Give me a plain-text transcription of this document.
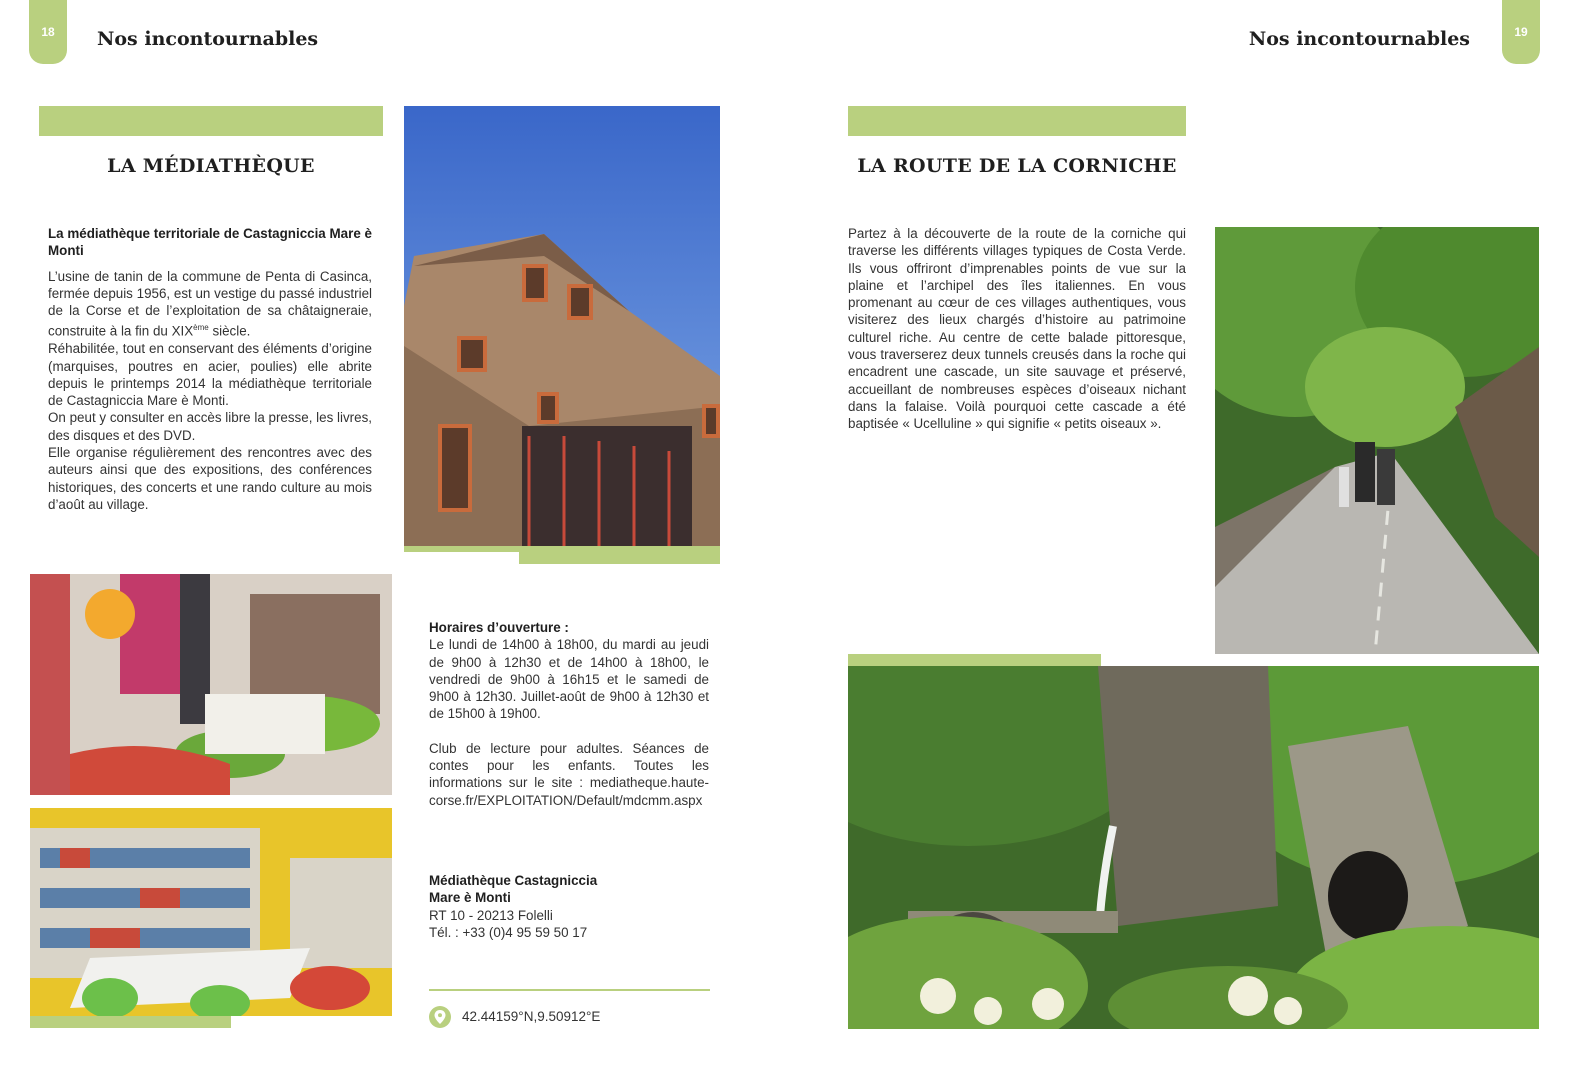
18 Nos incontournables
LA MÉDIATHÈQUE

La médiathèque territoriale de Castagniccia Mare è Monti

L’usine de tanin de la commune de Penta di Casinca, fermée depuis 1956, est un vestige du passé industriel de la Corse et de l’exploitation de sa châtaigneraie, construite à la fin du XIXème siècle.

Réhabilitée, tout en conservant des éléments d’origine (marquises, poutres en acier, poulies) elle abrite depuis le printemps 2014 la médiathèque territoriale de Castagniccia Mare è Monti.

On peut y consulter en accès libre la presse, les livres, des disques et des DVD.

Elle organise régulièrement des rencontres avec des auteurs ainsi que des expositions, des conférences historiques, des concerts et une rando culture au mois d’août au village.

Horaires d’ouverture :

Le lundi de 14h00 à 18h00, du mardi au jeudi de 9h00 à 12h30 et de 14h00 à 18h00, le vendredi de 9h00 à 16h15 et le samedi de 9h00 à 12h30. Juillet-août de 9h00 à 12h30 et de 15h00 à 19h00.

Club de lecture pour adultes. Séances de contes pour les enfants. Toutes les informations sur le site : mediatheque.haute-corse.fr/EXPLOITATION/Default/mdcmm.aspx

Médiathèque Castagniccia

Mare è Monti

RT 10 - 20213 Folelli

Tél. : +33 (0)4 95 59 50 17

42.44159°N,9.50912°E
Nos incontournables	19
LA ROUTE DE LA CORNICHE

Partez à la découverte de la route de la corniche qui traverse les différents villages typiques de Costa Verde. Ils vous offriront d’imprenables points de vue sur la plaine et l’archipel des îles italiennes. En vous promenant au cœur de ces villages authentiques, vous visiterez des lieux chargés d’histoire au patrimoine culturel riche. Au centre de cette balade pittoresque, vous traverserez deux tunnels creusés dans la roche qui encadrent une cascade, un site sauvage et préservé, accueillant de nombreuses espèces d’oiseaux nichant dans la falaise. Voilà pourquoi cette cascade a été baptisée « Ucelluline » qui signifie « petits oiseaux ».
